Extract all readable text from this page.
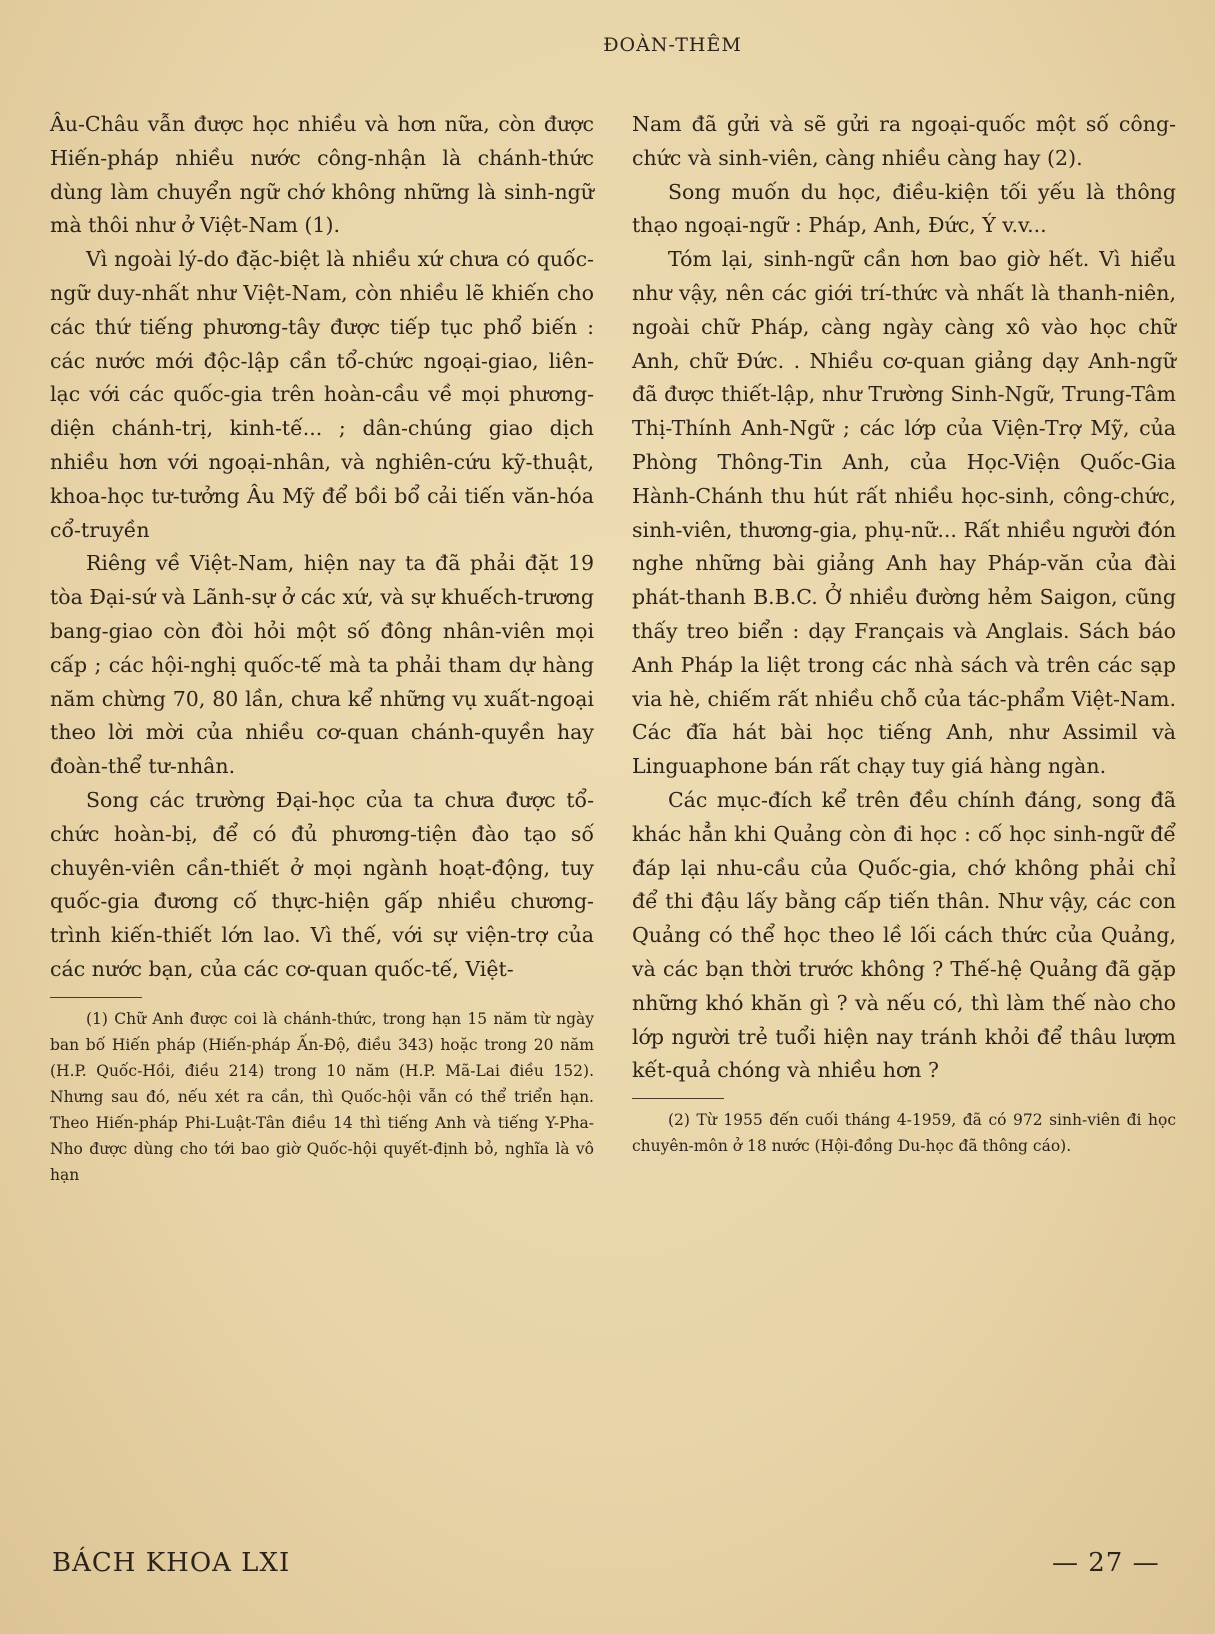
ĐOÀN-THÊM

Âu-Châu vẫn được học nhiều và hơn nữa, còn được Hiến-pháp nhiều nước công-nhận là chánh-thức dùng làm chuyển ngữ chớ không những là sinh-ngữ mà thôi như ở Việt-Nam (1).

Vì ngoài lý-do đặc-biệt là nhiều xứ chưa có quốc-ngữ duy-nhất như Việt-Nam, còn nhiều lẽ khiến cho các thứ tiếng phương-tây được tiếp tục phổ biến : các nước mới độc-lập cần tổ-chức ngoại-giao, liên-lạc với các quốc-gia trên hoàn-cầu về mọi phương-diện chánh-trị, kinh-tế... ; dân-chúng giao dịch nhiều hơn với ngoại-nhân, và nghiên-cứu kỹ-thuật, khoa-học tư-tưởng Âu Mỹ để bồi bổ cải tiến văn-hóa cổ-truyền

Riêng về Việt-Nam, hiện nay ta đã phải đặt 19 tòa Đại-sứ và Lãnh-sự ở các xứ, và sự khuếch-trương bang-giao còn đòi hỏi một số đông nhân-viên mọi cấp ; các hội-nghị quốc-tế mà ta phải tham dự hàng năm chừng 70, 80 lần, chưa kể những vụ xuất-ngoại theo lời mời của nhiều cơ-quan chánh-quyền hay đoàn-thể tư-nhân.

Song các trường Đại-học của ta chưa được tổ-chức hoàn-bị, để có đủ phương-tiện đào tạo số chuyên-viên cần-thiết ở mọi ngành hoạt-động, tuy quốc-gia đương cố thực-hiện gấp nhiều chương-trình kiến-thiết lớn lao. Vì thế, với sự viện-trợ của các nước bạn, của các cơ-quan quốc-tế, Việt-

(1) Chữ Anh được coi là chánh-thức, trong hạn 15 năm từ ngày ban bố Hiến pháp (Hiến-pháp Ấn-Độ, điều 343) hoặc trong 20 năm (H.P. Quốc-Hồi, điều 214) trong 10 năm (H.P. Mã-Lai điều 152). Nhưng sau đó, nếu xét ra cần, thì Quốc-hội vẫn có thể triển hạn. Theo Hiến-pháp Phi-Luật-Tân điều 14 thì tiếng Anh và tiếng Y-Pha-Nho được dùng cho tới bao giờ Quốc-hội quyết-định bỏ, nghĩa là vô hạn

Nam đã gửi và sẽ gửi ra ngoại-quốc một số công-chức và sinh-viên, càng nhiều càng hay (2).

Song muốn du học, điều-kiện tối yếu là thông thạo ngoại-ngữ : Pháp, Anh, Đức, Ý v.v...

Tóm lại, sinh-ngữ cần hơn bao giờ hết. Vì hiểu như vậy, nên các giới trí-thức và nhất là thanh-niên, ngoài chữ Pháp, càng ngày càng xô vào học chữ Anh, chữ Đức. . Nhiều cơ-quan giảng dạy Anh-ngữ đã được thiết-lập, như Trường Sinh-Ngữ, Trung-Tâm Thị-Thính Anh-Ngữ ; các lớp của Viện-Trợ Mỹ, của Phòng Thông-Tin Anh, của Học-Viện Quốc-Gia Hành-Chánh thu hút rất nhiều học-sinh, công-chức, sinh-viên, thương-gia, phụ-nữ... Rất nhiều người đón nghe những bài giảng Anh hay Pháp-văn của đài phát-thanh B.B.C. Ở nhiều đường hẻm Saigon, cũng thấy treo biển : dạy Français và Anglais. Sách báo Anh Pháp la liệt trong các nhà sách và trên các sạp via hè, chiếm rất nhiều chỗ của tác-phẩm Việt-Nam. Các đĩa hát bài học tiếng Anh, như Assimil và Linguaphone bán rất chạy tuy giá hàng ngàn.

Các mục-đích kể trên đều chính đáng, song đã khác hẳn khi Quảng còn đi học : cố học sinh-ngữ để đáp lại nhu-cầu của Quốc-gia, chớ không phải chỉ để thi đậu lấy bằng cấp tiến thân. Như vậy, các con Quảng có thể học theo lề lối cách thức của Quảng, và các bạn thời trước không ? Thế-hệ Quảng đã gặp những khó khăn gì ? và nếu có, thì làm thế nào cho lớp người trẻ tuổi hiện nay tránh khỏi để thâu lượm kết-quả chóng và nhiều hơn ?

(2) Từ 1955 đến cuối tháng 4-1959, đã có 972 sinh-viên đi học chuyên-môn ở 18 nước (Hội-đồng Du-học đã thông cáo).

BÁCH KHOA LXI	— 27 —
